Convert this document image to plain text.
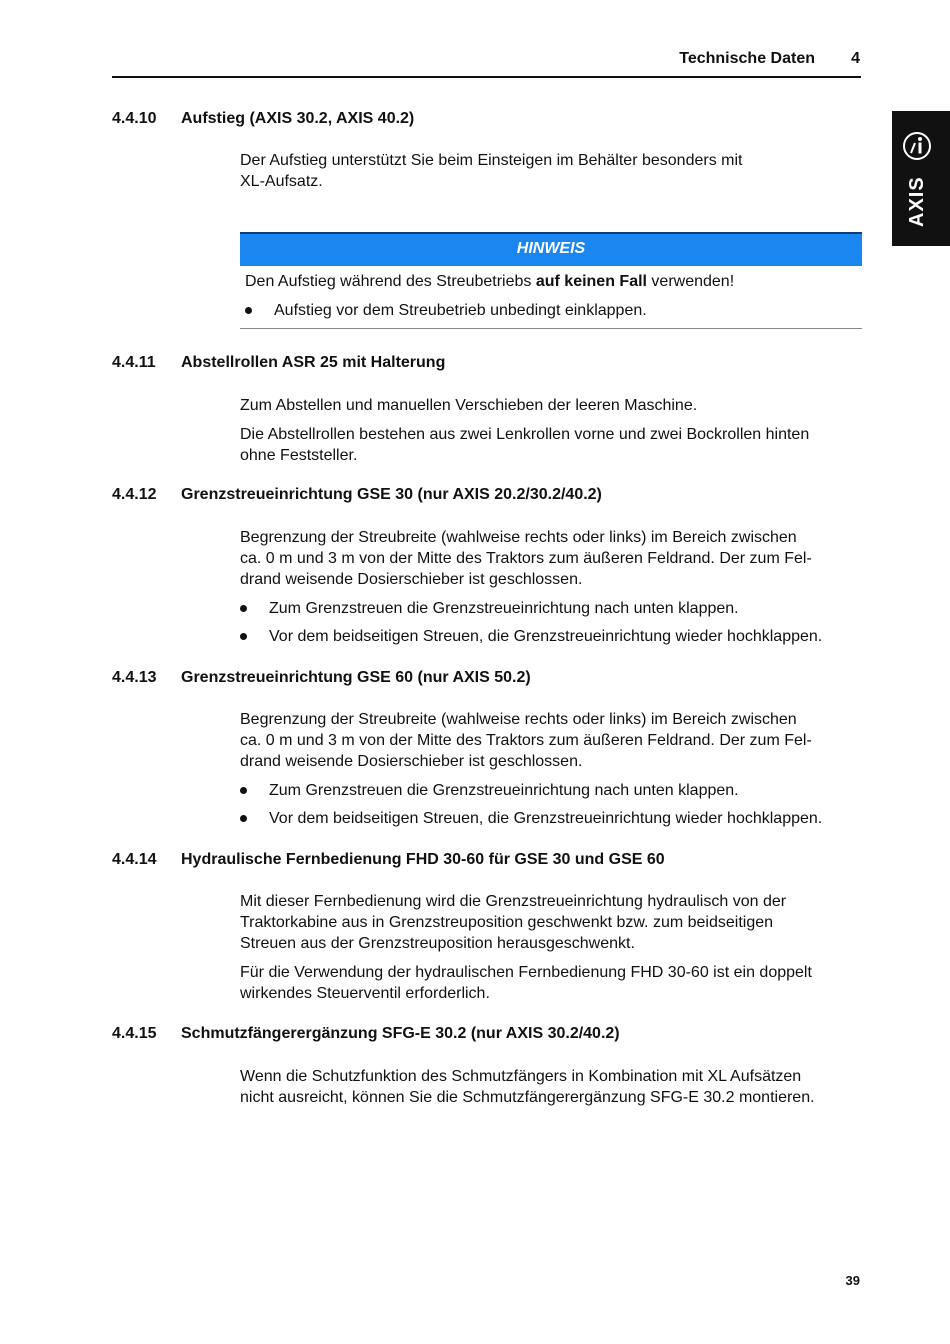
Technische Daten	4
AXIS
4.4.10 Aufstieg (AXIS 30.2, AXIS 40.2)
Der Aufstieg unterstützt Sie beim Einsteigen im Behälter besonders mit
XL-Aufsatz.
HINWEIS
Den Aufstieg während des Streubetriebs auf keinen Fall verwenden!
Aufstieg vor dem Streubetrieb unbedingt einklappen.
4.4.11 Abstellrollen ASR 25 mit Halterung
Zum Abstellen und manuellen Verschieben der leeren Maschine.
Die Abstellrollen bestehen aus zwei Lenkrollen vorne und zwei Bockrollen hinten
ohne Feststeller.
4.4.12 Grenzstreueinrichtung GSE 30 (nur AXIS 20.2/30.2/40.2)
Begrenzung der Streubreite (wahlweise rechts oder links) im Bereich zwischen
ca. 0 m und 3 m von der Mitte des Traktors zum äußeren Feldrand. Der zum Fel-
drand weisende Dosierschieber ist geschlossen.
Zum Grenzstreuen die Grenzstreueinrichtung nach unten klappen.
Vor dem beidseitigen Streuen, die Grenzstreueinrichtung wieder hochklappen.
4.4.13 Grenzstreueinrichtung GSE 60 (nur AXIS 50.2)
Begrenzung der Streubreite (wahlweise rechts oder links) im Bereich zwischen
ca. 0 m und 3 m von der Mitte des Traktors zum äußeren Feldrand. Der zum Fel-
drand weisende Dosierschieber ist geschlossen.
Zum Grenzstreuen die Grenzstreueinrichtung nach unten klappen.
Vor dem beidseitigen Streuen, die Grenzstreueinrichtung wieder hochklappen.
4.4.14 Hydraulische Fernbedienung FHD 30-60 für GSE 30 und GSE 60
Mit dieser Fernbedienung wird die Grenzstreueinrichtung hydraulisch von der
Traktorkabine aus in Grenzstreuposition geschwenkt bzw. zum beidseitigen
Streuen aus der Grenzstreuposition herausgeschwenkt.
Für die Verwendung der hydraulischen Fernbedienung FHD 30-60 ist ein doppelt
wirkendes Steuerventil erforderlich.
4.4.15 Schmutzfängerergänzung SFG-E 30.2 (nur AXIS 30.2/40.2)
Wenn die Schutzfunktion des Schmutzfängers in Kombination mit XL Aufsätzen
nicht ausreicht, können Sie die Schmutzfängerergänzung SFG-E 30.2 montieren.
39
